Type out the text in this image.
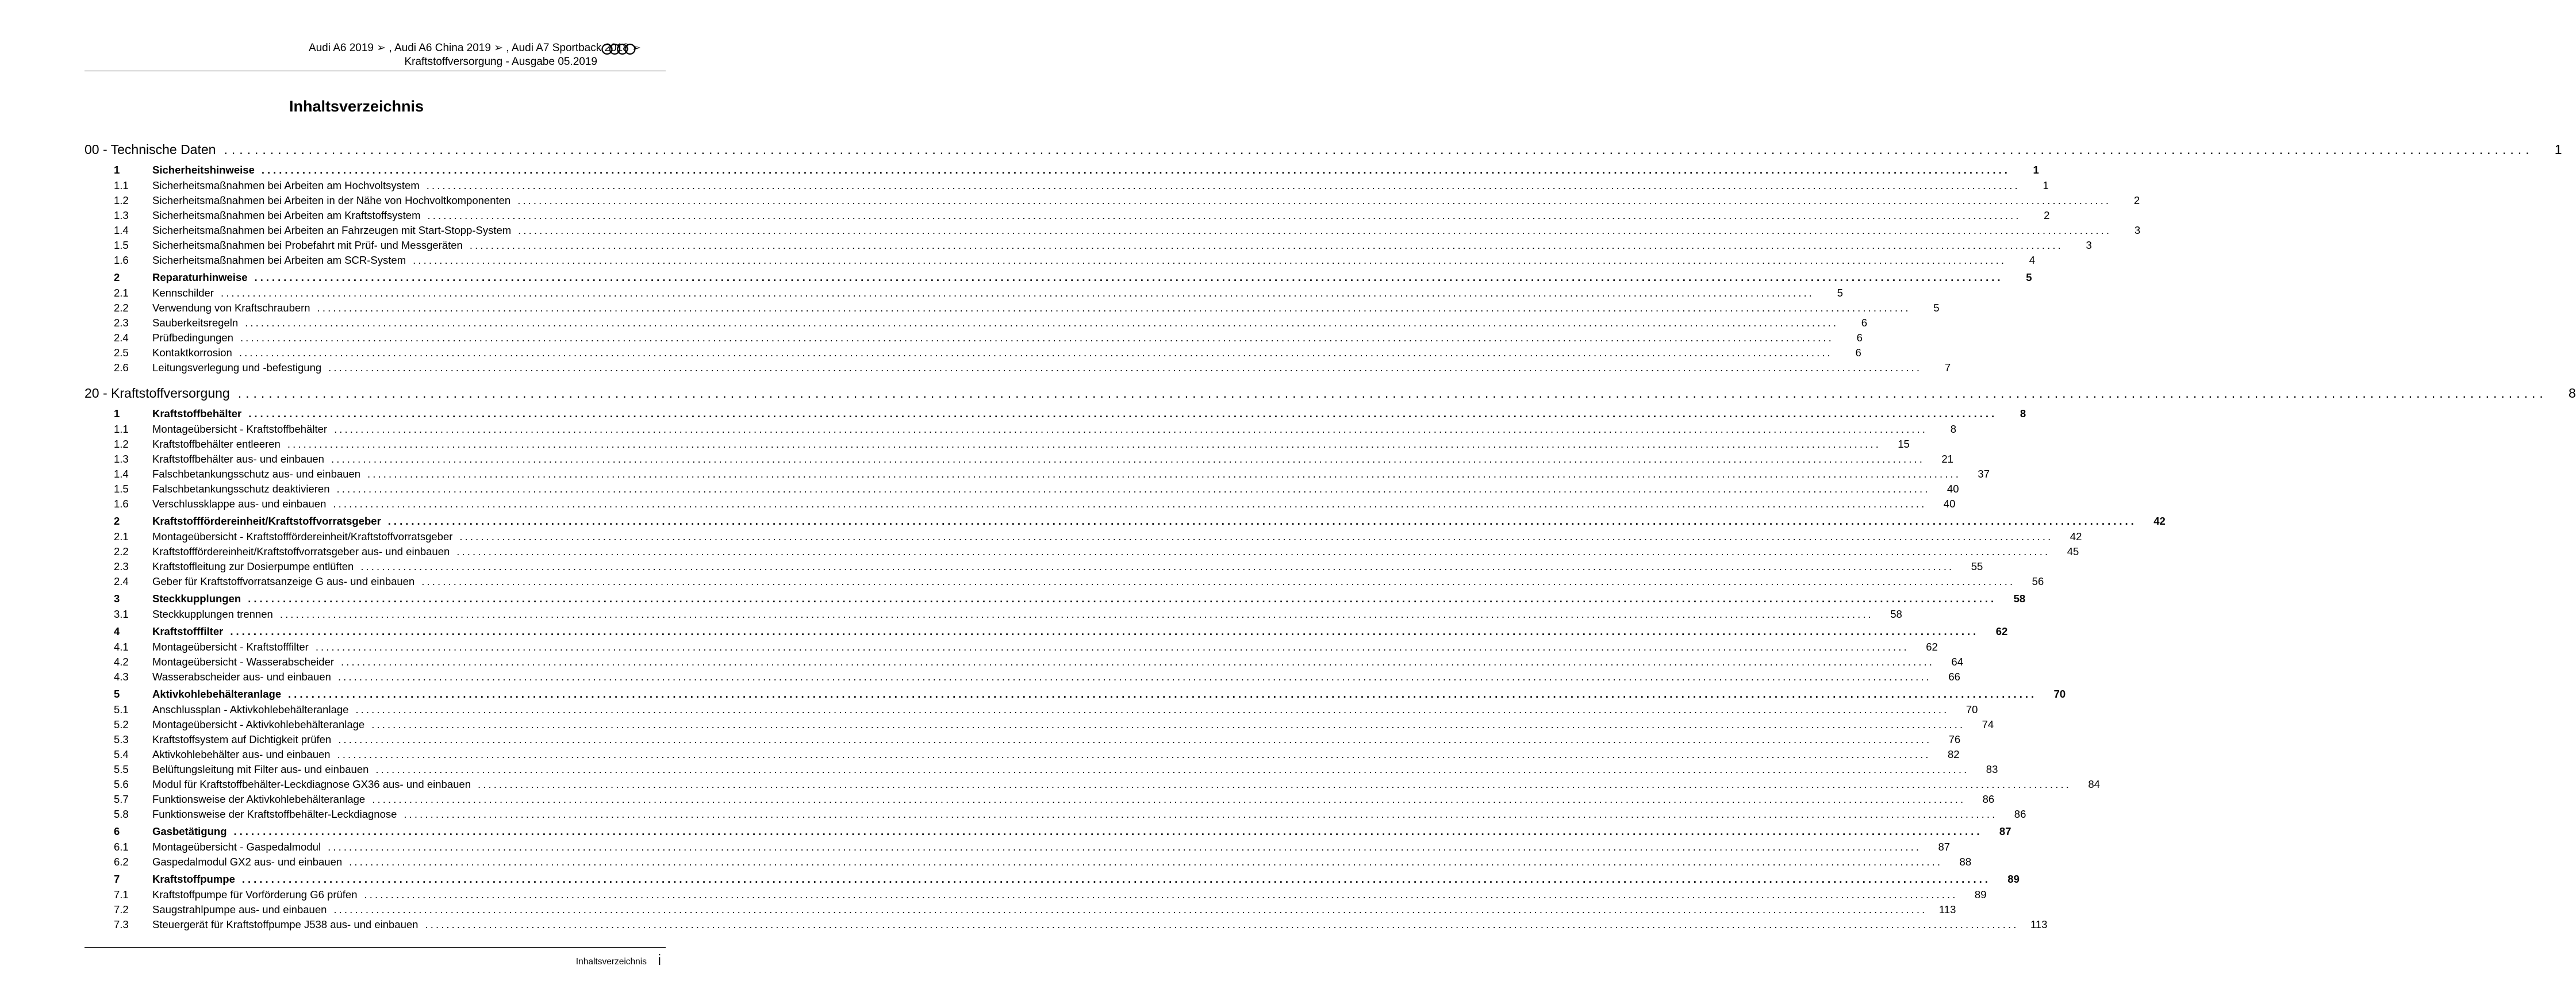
Audi A6 2019 ➢ , Audi A6 China 2019 ➢ , Audi A7 Sportback 2018 ➢
Kraftstoffversorgung - Ausgabe 05.2019
Inhaltsverzeichnis
00 - Technische Daten ............................................................................................................................................................................................................................................................................................................	1
1	Sicherheitshinweise ............................................................................................................................................................................................................................................................................................................	1
1.1	Sicherheitsmaßnahmen bei Arbeiten am Hochvoltsystem ............................................................................................................................................................................................................................................................................................................	1
1.2	Sicherheitsmaßnahmen bei Arbeiten in der Nähe von Hochvoltkomponenten ............................................................................................................................................................................................................................................................................................................	2
1.3	Sicherheitsmaßnahmen bei Arbeiten am Kraftstoffsystem ............................................................................................................................................................................................................................................................................................................	2
1.4	Sicherheitsmaßnahmen bei Arbeiten an Fahrzeugen mit Start-Stopp-System ............................................................................................................................................................................................................................................................................................................	3
1.5	Sicherheitsmaßnahmen bei Probefahrt mit Prüf- und Messgeräten ............................................................................................................................................................................................................................................................................................................	3
1.6	Sicherheitsmaßnahmen bei Arbeiten am SCR-System ............................................................................................................................................................................................................................................................................................................	4
2	Reparaturhinweise ............................................................................................................................................................................................................................................................................................................	5
2.1	Kennschilder ............................................................................................................................................................................................................................................................................................................	5
2.2	Verwendung von Kraftschraubern ............................................................................................................................................................................................................................................................................................................	5
2.3	Sauberkeitsregeln ............................................................................................................................................................................................................................................................................................................	6
2.4	Prüfbedingungen ............................................................................................................................................................................................................................................................................................................	6
2.5	Kontaktkorrosion ............................................................................................................................................................................................................................................................................................................	6
2.6	Leitungsverlegung und -befestigung ............................................................................................................................................................................................................................................................................................................	7
20 - Kraftstoffversorgung ............................................................................................................................................................................................................................................................................................................	8
1	Kraftstoffbehälter ............................................................................................................................................................................................................................................................................................................	8
1.1	Montageübersicht - Kraftstoffbehälter ............................................................................................................................................................................................................................................................................................................	8
1.2	Kraftstoffbehälter entleeren ............................................................................................................................................................................................................................................................................................................	15
1.3	Kraftstoffbehälter aus- und einbauen ............................................................................................................................................................................................................................................................................................................	21
1.4	Falschbetankungsschutz aus- und einbauen ............................................................................................................................................................................................................................................................................................................	37
1.5	Falschbetankungsschutz deaktivieren ............................................................................................................................................................................................................................................................................................................	40
1.6	Verschlussklappe aus- und einbauen ............................................................................................................................................................................................................................................................................................................	40
2	Kraftstofffördereinheit/Kraftstoffvorratsgeber ............................................................................................................................................................................................................................................................................................................	42
2.1	Montageübersicht - Kraftstofffördereinheit/Kraftstoffvorratsgeber ............................................................................................................................................................................................................................................................................................................	42
2.2	Kraftstofffördereinheit/Kraftstoffvorratsgeber aus- und einbauen ............................................................................................................................................................................................................................................................................................................	45
2.3	Kraftstoffleitung zur Dosierpumpe entlüften ............................................................................................................................................................................................................................................................................................................	55
2.4	Geber für Kraftstoffvorratsanzeige G aus- und einbauen ............................................................................................................................................................................................................................................................................................................	56
3	Steckkupplungen ............................................................................................................................................................................................................................................................................................................	58
3.1	Steckkupplungen trennen ............................................................................................................................................................................................................................................................................................................	58
4	Kraftstofffilter ............................................................................................................................................................................................................................................................................................................	62
4.1	Montageübersicht - Kraftstofffilter ............................................................................................................................................................................................................................................................................................................	62
4.2	Montageübersicht - Wasserabscheider ............................................................................................................................................................................................................................................................................................................	64
4.3	Wasserabscheider aus- und einbauen ............................................................................................................................................................................................................................................................................................................	66
5	Aktivkohlebehälteranlage ............................................................................................................................................................................................................................................................................................................	70
5.1	Anschlussplan - Aktivkohlebehälteranlage ............................................................................................................................................................................................................................................................................................................	70
5.2	Montageübersicht - Aktivkohlebehälteranlage ............................................................................................................................................................................................................................................................................................................	74
5.3	Kraftstoffsystem auf Dichtigkeit prüfen ............................................................................................................................................................................................................................................................................................................	76
5.4	Aktivkohlebehälter aus- und einbauen ............................................................................................................................................................................................................................................................................................................	82
5.5	Belüftungsleitung mit Filter aus- und einbauen ............................................................................................................................................................................................................................................................................................................	83
5.6	Modul für Kraftstoffbehälter-Leckdiagnose GX36 aus- und einbauen ............................................................................................................................................................................................................................................................................................................	84
5.7	Funktionsweise der Aktivkohlebehälteranlage ............................................................................................................................................................................................................................................................................................................	86
5.8	Funktionsweise der Kraftstoffbehälter-Leckdiagnose ............................................................................................................................................................................................................................................................................................................	86
6	Gasbetätigung ............................................................................................................................................................................................................................................................................................................	87
6.1	Montageübersicht - Gaspedalmodul ............................................................................................................................................................................................................................................................................................................	87
6.2	Gaspedalmodul GX2 aus- und einbauen ............................................................................................................................................................................................................................................................................................................	88
7	Kraftstoffpumpe ............................................................................................................................................................................................................................................................................................................	89
7.1	Kraftstoffpumpe für Vorförderung G6 prüfen ............................................................................................................................................................................................................................................................................................................	89
7.2	Saugstrahlpumpe aus- und einbauen ............................................................................................................................................................................................................................................................................................................	113
7.3	Steuergerät für Kraftstoffpumpe J538 aus- und einbauen ............................................................................................................................................................................................................................................................................................................	113
Inhaltsverzeichnis i
